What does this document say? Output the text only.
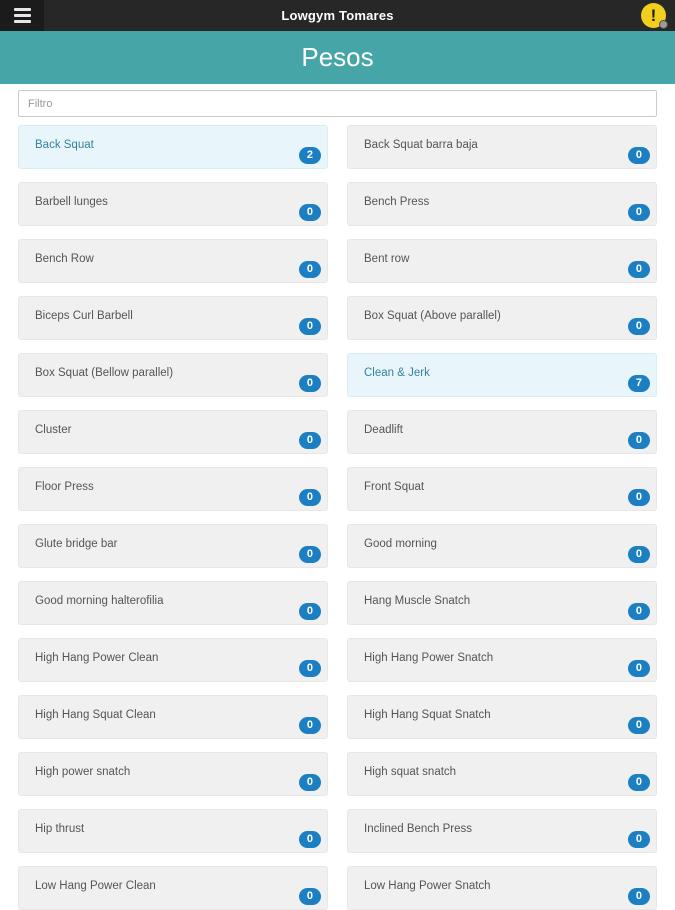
Lowgym Tomares	!
Pesos
Filtro
Back Squat
2
Back Squat barra baja
0
Barbell lunges
0
Bench Press
0
Bench Row
0
Bent row
0
Biceps Curl Barbell
0
Box Squat (Above parallel)
0
Box Squat (Bellow parallel)
0
Clean & Jerk
7
Cluster
0
Deadlift
0
Floor Press
0
Front Squat
0
Glute bridge bar
0
Good morning
0
Good morning halterofilia
0
Hang Muscle Snatch
0
High Hang Power Clean
0
High Hang Power Snatch
0
High Hang Squat Clean
0
High Hang Squat Snatch
0
High power snatch
0
High squat snatch
0
Hip thrust
0
Inclined Bench Press
0
Low Hang Power Clean
0
Low Hang Power Snatch
0
